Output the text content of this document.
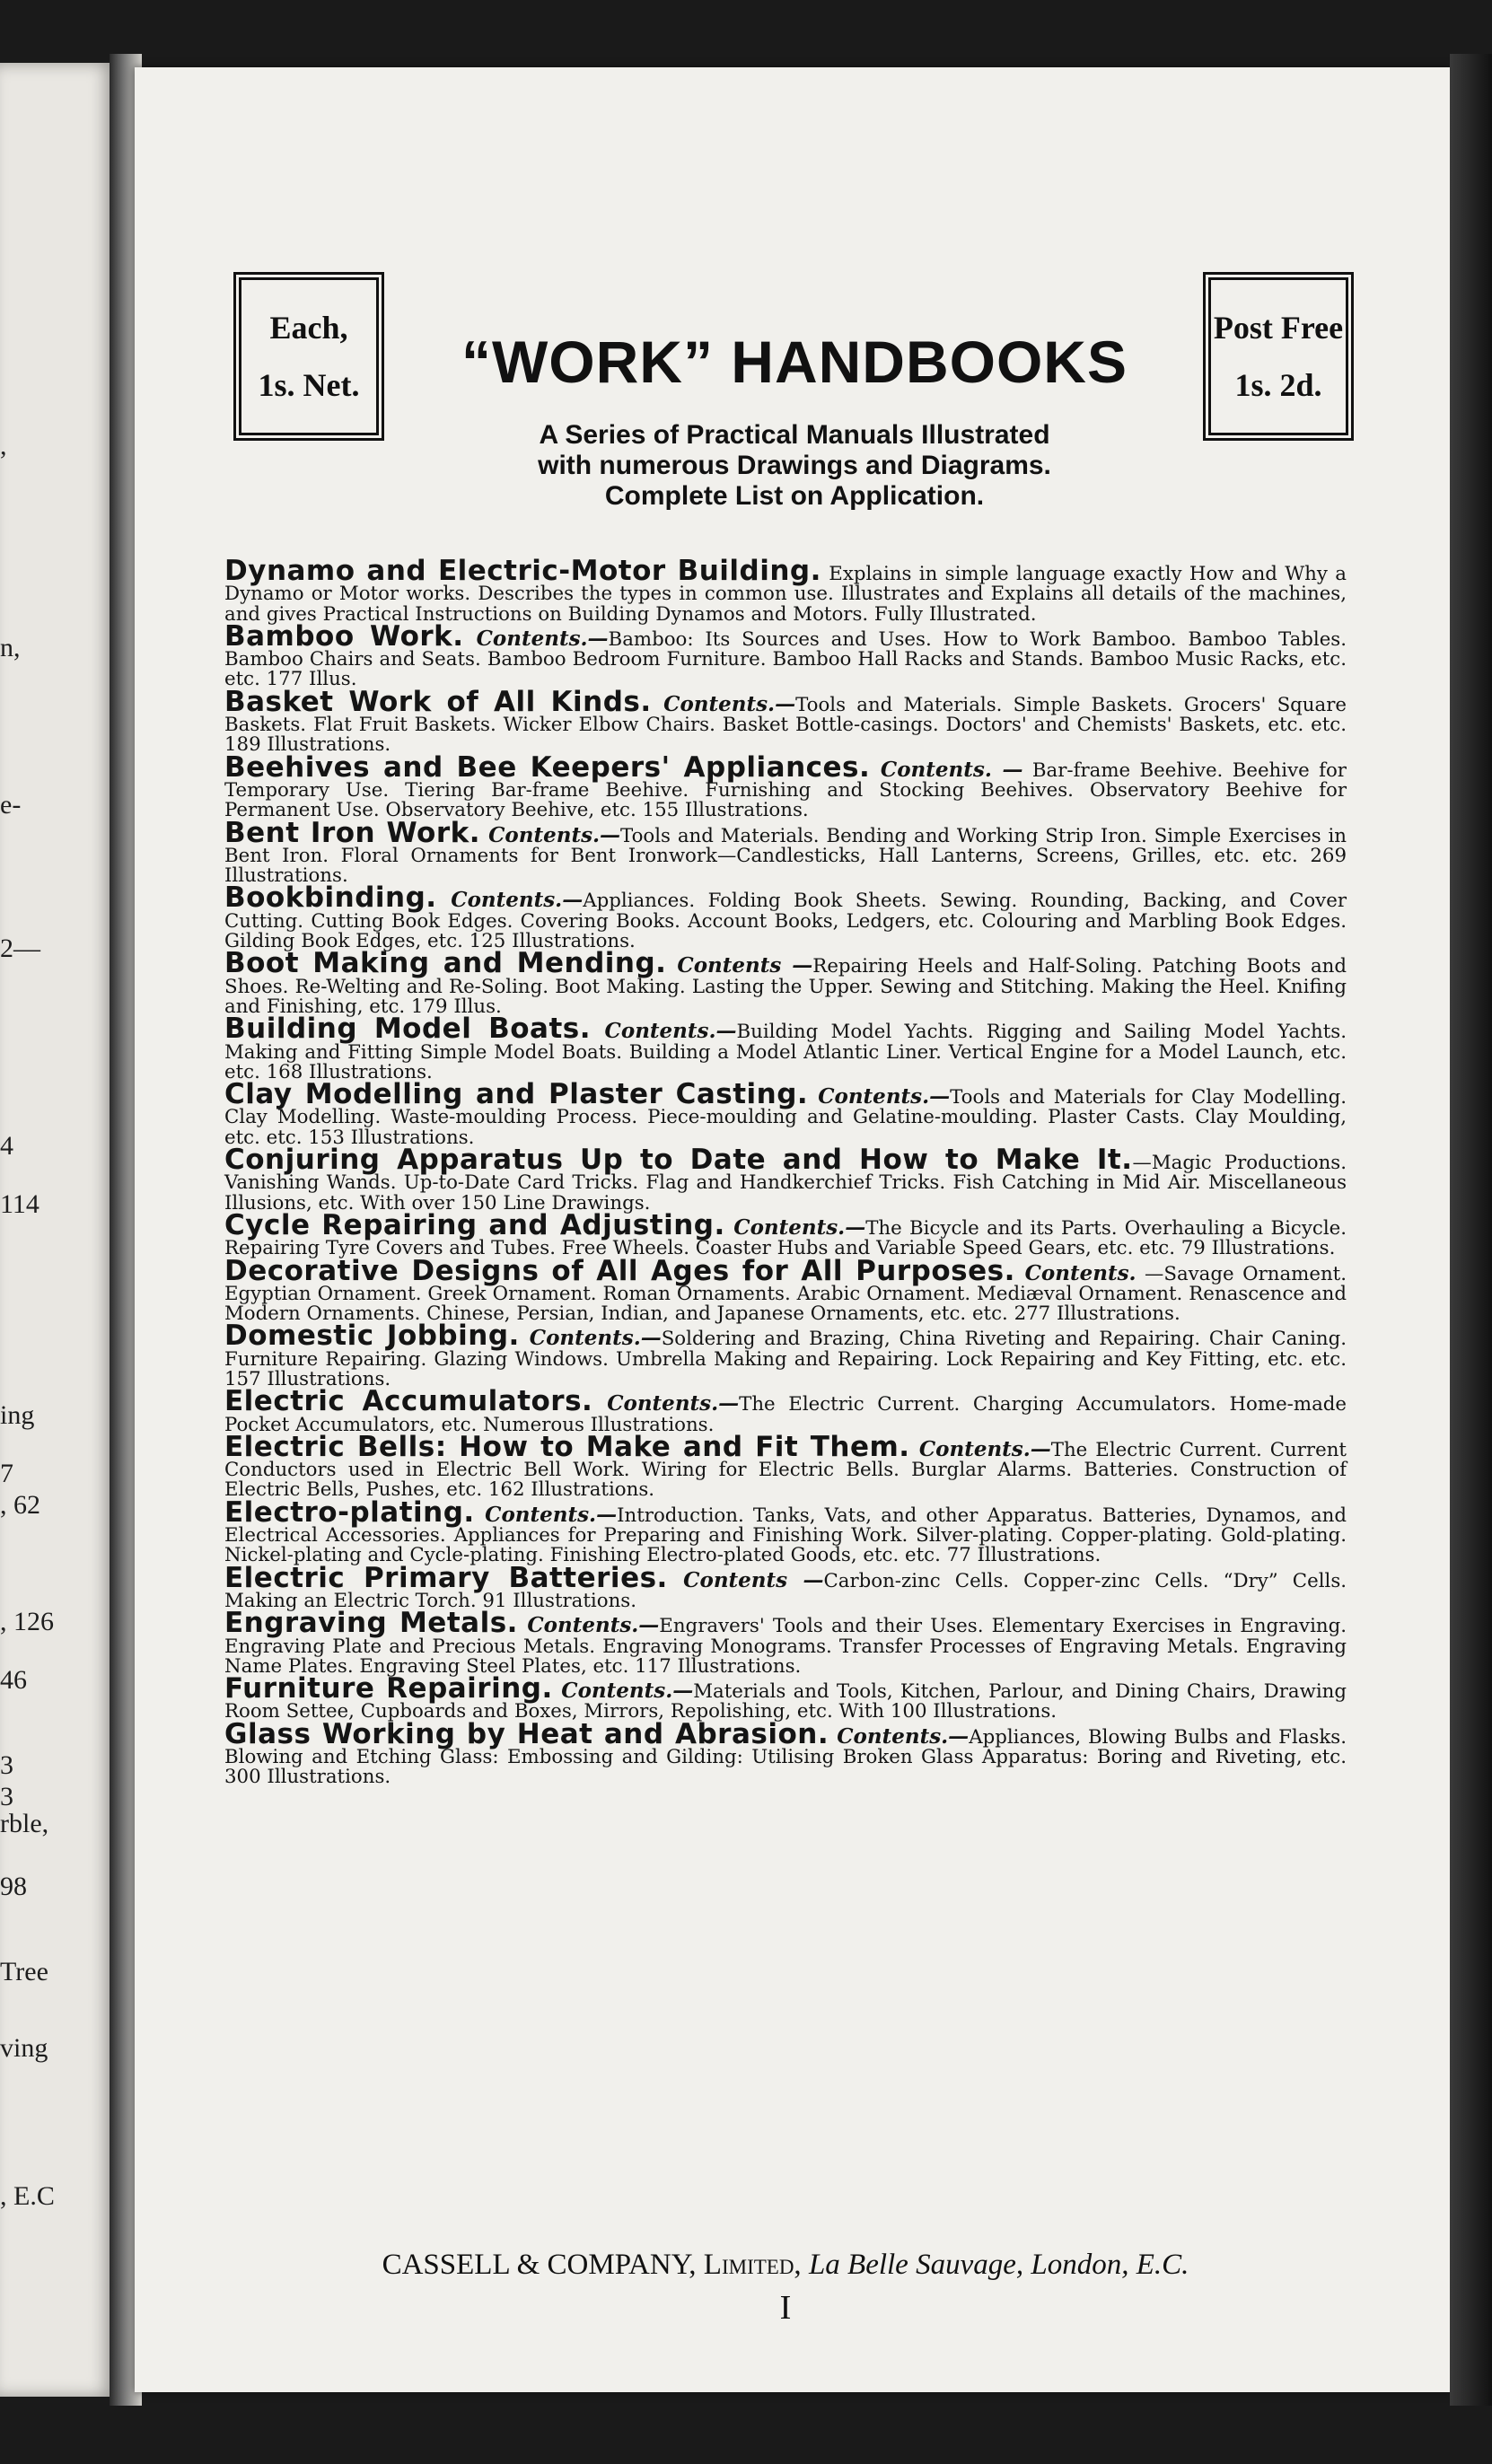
,
n,
e-
2—
4
114
ing
7
, 62
, 126
46
3
3
rble,
98
Tree
ving
, E.C
Each,
1s. Net.	“WORK” HANDBOOKS
A Series of Practical Manuals Illustrated
with numerous Drawings and Diagrams.
Complete List on Application.
Post Free
1s. 2d.
Dynamo and Electric-Motor Building. Explains in simple language exactly How and Why a Dynamo or Motor works. Describes the types in common use. Illustrates and Explains all details of the machines, and gives Practical Instructions on Building Dynamos and Motors. Fully Illustrated.
Bamboo Work. Contents.—Bamboo: Its Sources and Uses. How to Work Bamboo. Bamboo Tables. Bamboo Chairs and Seats. Bamboo Bedroom Furniture. Bamboo Hall Racks and Stands. Bamboo Music Racks, etc. etc. 177 Illus.
Basket Work of All Kinds. Contents.—Tools and Materials. Simple Baskets. Grocers' Square Baskets. Flat Fruit Baskets. Wicker Elbow Chairs. Basket Bottle-casings. Doctors' and Chemists' Baskets, etc. etc. 189 Illustrations.
Beehives and Bee Keepers' Appliances. Contents. — Bar-frame Beehive. Beehive for Temporary Use. Tiering Bar-frame Beehive. Furnishing and Stocking Beehives. Observatory Beehive for Permanent Use. Observatory Beehive, etc. 155 Illustrations.
Bent Iron Work. Contents.—Tools and Materials. Bending and Working Strip Iron. Simple Exercises in Bent Iron. Floral Ornaments for Bent Ironwork—Candlesticks, Hall Lanterns, Screens, Grilles, etc. etc. 269 Illustrations.
Bookbinding. Contents.—Appliances. Folding Book Sheets. Sewing. Rounding, Backing, and Cover Cutting. Cutting Book Edges. Covering Books. Account Books, Ledgers, etc. Colouring and Marbling Book Edges. Gilding Book Edges, etc. 125 Illustrations.
Boot Making and Mending. Contents —Repairing Heels and Half-Soling. Patching Boots and Shoes. Re-Welting and Re-Soling. Boot Making. Lasting the Upper. Sewing and Stitching. Making the Heel. Knifing and Finishing, etc. 179 Illus.
Building Model Boats. Contents.—Building Model Yachts. Rigging and Sailing Model Yachts. Making and Fitting Simple Model Boats. Building a Model Atlantic Liner. Vertical Engine for a Model Launch, etc. etc. 168 Illustrations.
Clay Modelling and Plaster Casting. Contents.—Tools and Materials for Clay Modelling. Clay Modelling. Waste-moulding Process. Piece-moulding and Gelatine-moulding. Plaster Casts. Clay Moulding, etc. etc. 153 Illustrations.
Conjuring Apparatus Up to Date and How to Make It.—Magic Productions. Vanishing Wands. Up-to-Date Card Tricks. Flag and Handkerchief Tricks. Fish Catching in Mid Air. Miscellaneous Illusions, etc. With over 150 Line Drawings.
Cycle Repairing and Adjusting. Contents.—The Bicycle and its Parts. Overhauling a Bicycle. Repairing Tyre Covers and Tubes. Free Wheels. Coaster Hubs and Variable Speed Gears, etc. etc. 79 Illustrations.
Decorative Designs of All Ages for All Purposes. Contents. —Savage Ornament. Egyptian Ornament. Greek Ornament. Roman Ornaments. Arabic Ornament. Mediæval Ornament. Renascence and Modern Ornaments. Chinese, Persian, Indian, and Japanese Ornaments, etc. etc. 277 Illustrations.
Domestic Jobbing. Contents.—Soldering and Brazing, China Riveting and Repairing. Chair Caning. Furniture Repairing. Glazing Windows. Umbrella Making and Repairing. Lock Repairing and Key Fitting, etc. etc. 157 Illustrations.
Electric Accumulators. Contents.—The Electric Current. Charging Accumulators. Home-made Pocket Accumulators, etc. Numerous Illustrations.
Electric Bells: How to Make and Fit Them. Contents.—The Electric Current. Current Conductors used in Electric Bell Work. Wiring for Electric Bells. Burglar Alarms. Batteries. Construction of Electric Bells, Pushes, etc. 162 Illustrations.
Electro-plating. Contents.—Introduction. Tanks, Vats, and other Apparatus. Batteries, Dynamos, and Electrical Accessories. Appliances for Preparing and Finishing Work. Silver-plating. Copper-plating. Gold-plating. Nickel-plating and Cycle-plating. Finishing Electro-plated Goods, etc. etc. 77 Illustrations.
Electric Primary Batteries. Contents —Carbon-zinc Cells. Copper-zinc Cells. “Dry” Cells. Making an Electric Torch. 91 Illustrations.
Engraving Metals. Contents.—Engravers' Tools and their Uses. Elementary Exercises in Engraving. Engraving Plate and Precious Metals. Engraving Monograms. Transfer Processes of Engraving Metals. Engraving Name Plates. Engraving Steel Plates, etc. 117 Illustrations.
Furniture Repairing. Contents.—Materials and Tools, Kitchen, Parlour, and Dining Chairs, Drawing Room Settee, Cupboards and Boxes, Mirrors, Repolishing, etc. With 100 Illustrations.
Glass Working by Heat and Abrasion. Contents.—Appliances, Blowing Bulbs and Flasks. Blowing and Etching Glass: Embossing and Gilding: Utilising Broken Glass Apparatus: Boring and Riveting, etc. 300 Illustrations.
CASSELL & COMPANY, Limited, La Belle Sauvage, London, E.C.
I
